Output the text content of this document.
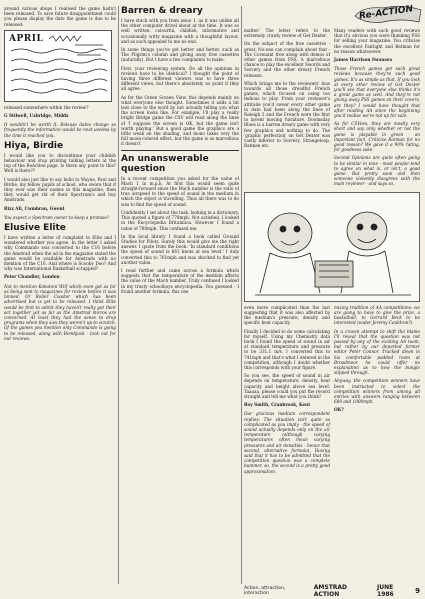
Re-ACTION

around various shops I realised the game hadn't been released. To save future disappointment could you please display the date the game is due to be released:

APRIL

released somewhere within the review?

G Stilwell, Uxbridge, Middx

It wouldn't be worth it. Release dates change so frequently the information would be neat useless by the time it reached you.

Hiya, Birdie

I would like you to discontinue your childish behaviour and stop printing talking letters at the top of the ReAction page. Is there any point to this? Well is there??

I would also just like to say hello to Wayne, Paul and Birdie, my fellow pupils at school, who swore that if they ever saw their names in this magazine, then they would get rid of their Spectrum's and buy Amstrads.

Rizz Ali, Cwmbran, Gwent

You expect a Spectrum owner to keep a promise?

Elusive Elite

I have written a letter of complaint to Elite and I wondered whether you agree. In the letter I asked why Commando was converted to the C16 before the Amstrad when the ad in the magazine stated the game would be available for Amstrads with no mention of the C16. And where is Scooby Doo? And why was International Basketball scrapped?

Peter Chandler, London

Not to mention Kokotoni Wilf which even got as far as being sent to magazines for review before it was binned. Or Roller Coaster which has been advertised but is yet to be released. I think Elite would be first to admit they haven't really got their act together yet as far as the Amstrad micros are concerned. At least they had the sense to drop programs when they saw they weren't up to scratch. Of the games you mention only Commando is going to be released, along with Bombjack - look out for our reviews.

Barren & dreary

I have stuck with you from issue 1, as it was unlike all the other computer drivel about at the time. It was so well written, colourful, childish, informative and occasionally witty magazine with a thoughtful layout, and as such appealed to me no end.

In some things you've got better and better, such as The Pilgrim's column and giving away free cassettes (naturally). But I have a few complaints to make.

First, your reviewing system. Do all the opinions in reviews have to be identical? I thought the point of having three different viewers was to have three different views, but there's absolutely no point if they all agree.

As for the Green Screen View, this depends mainly on what everyone else thought. Sometimes it adds a bit less close to the word by not actually telling you what the screen looks like. For example, I'll play a really bright Bridge game the CSV will read along the lines of 'I suppose the screen is OK, but the game isn't worth playing.' But a good game the graphics are a little weak on the shading, and mono takes very the full moon-colored effect, but the game is as marvellous it doesn't

An unanswerable question

In a recent competition you asked for the value of Mach 1 in m.p.h. At first this would seem quite straight-forward since the Mach number is the ratio of true airspeed to the speed of sound in the medium in which the object is travelling. Thus all there was to do was to find the speed of sound.

Confidently I set about the task, looking in a dictionary. This quoted a figure of 778mph. Not satisfied, I looked in the Encyclopedia Britannica. However I found a value of 760mph. This confused me.

In the local library I found a book called Ground Studies for Pilots. Surely this would give me the right answer. I quote from the book: 'In standard conditions the speed of sound is 661 knots at sea level.' I duly converted this to 761mph and was shocked to find yet another value.

I read further and came across a formula which suggests that the temperature of the medium affects the value of the Mach number. Truly confused I looked in my trusty schoolboys encyclopedia. You guessed - I found another formula, this one

matter.' The letter refers to the extremely crawly review of Get Dexter.

On the subject of the free cassettes - great. No-one can complain about that - The Covenant free along with demos of other games from PSS. A marvellous chance to play the excellent Swords and Sorcery and the other dreary French releases.

Which brings me to the reviewers' bias towards all those dreadful French games, which focused on using too tedious to play. From your reviewer's attitude you'd swear every other game to date had been along the lines of Raleigh 2 and the French were the first to invent moving furniture. Doomsday Blues is a barren dreary game with very few graphics and nothing to do. The 'graphic perfection' on Get Dexter was vastly inferior to Sorcery, Strangeloop, Batman etc.

Many readers with such good reviews that it's obvious you were thanking PSS for selling your magazine. You criticise the excellent Fairlight and Batman for no reason whatsoever.

James Harrison Swansea

Those French games get such great reviews because they're such good games. It's as simple as that. If you look at every other review of Get Dexter you'll see that everyone else thinks it's a great game as well. And they're not giving away PSS games on their covers, are they? I would have thought that after reading AA since the beginning you'd realise we're not up for sale.

As for CSVees, they are mostly very short and say only whether or not the game is playable in green - an important fact. Criticise Batman for no good reason? We gave it a 90% rating, for goodness sake.

Second Opinions are quite often going to be similar in tone - most people tend to agree on what is, or isn't, a good game. But pretty soon and then someone violently disagrees with the main reviewer - and says so.

even more complicated than the last suggesting that it was also affected by the medium's pressure, density and specific heat capacity.

Finally I decided to do some calculating for myself. Using my Chemistry data book I found the speed of sound in air at standard temperature and pressure to be 331.1 m/s. I converted this to 741mph and that's what I entered in the competition, although I doubt whether this corresponds with your figure.

So you see, the speed of sound in air depends on temperature, density, heat capacity and height above sea level. Taaaaa, please could you put the record straight and tell me what you think?

Roy Smith, Cranbrook, Kent

Our gracious medium correspondent replies: The situation isn't quite as complicated as you imply - the speed of sound actually depends only on the air temperature (although varying temperatures often mean varying pressures and air densities - hence that second, alternative formula). Having said that it has to be admitted that the competition question was a complete bummer, so, the second is a pretty good approximation.

mixing tradition of AA competitions: we are going to have to give the prize, a basketball, to Gerrard Beck to be interested reader Jeremy Cauldron?)

In a craven attempt to shift the blame I'll reveal that the question was not passed by any of the existing AA team, but rather by our departed former editor Peter Connor. Tracked down in his comfortable padded room at Broadmoor he could offer no explanation as to how the bungle slipped through.

Anyway, the competition winners have been instructed to select the competition winners from among all entries with answers ranging between 600 and 1000mph.

OK?

Action, attraction, interaction
AMSTRAD ACTION
JUNE 1986	9
